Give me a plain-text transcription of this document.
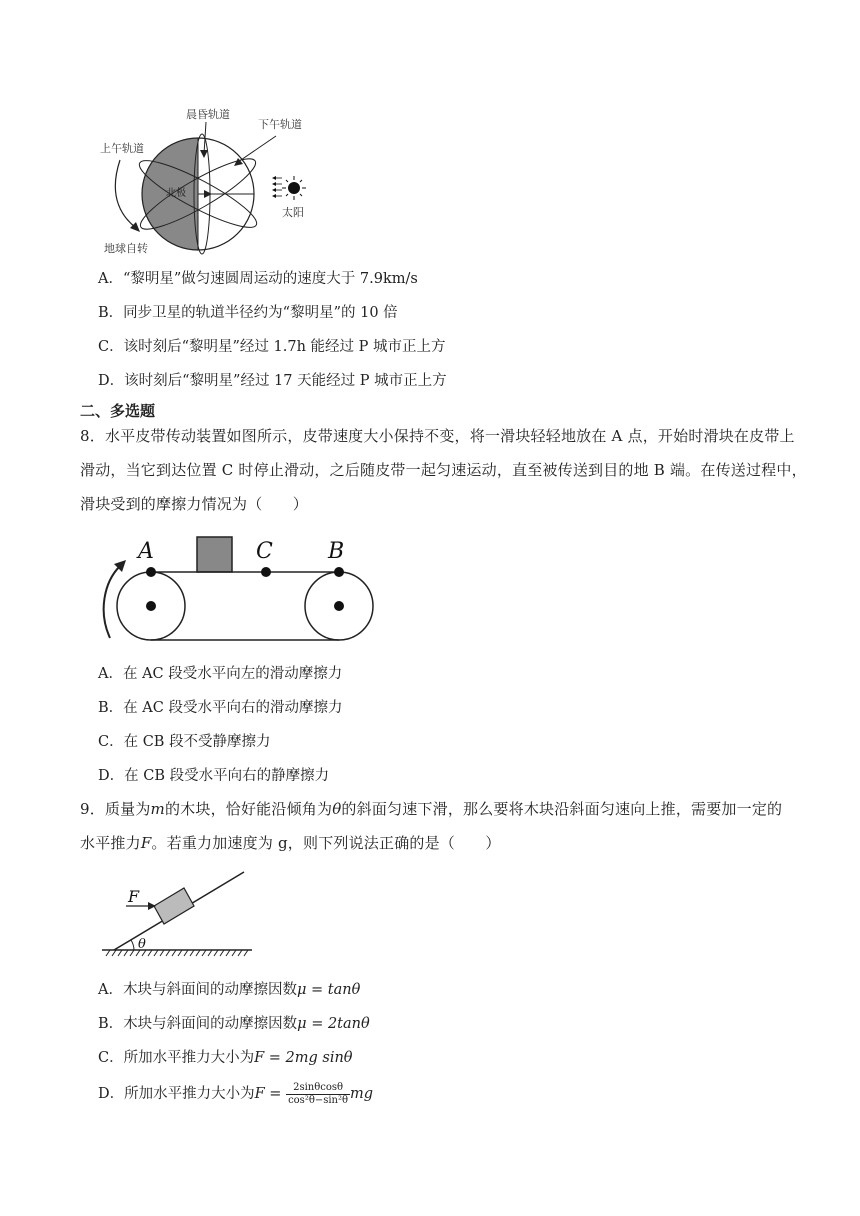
晨昏轨道
上午轨道
下午轨道
北极
太阳
地球自转
A．“黎明星”做匀速圆周运动的速度大于 7.9km/s
B．同步卫星的轨道半径约为“黎明星”的 10 倍
C．该时刻后“黎明星”经过 1.7h 能经过 P 城市正上方
D．该时刻后“黎明星”经过 17 天能经过 P 城市正上方
二、多选题
8．水平皮带传动装置如图所示，皮带速度大小保持不变，将一滑块轻轻地放在 A 点，开始时滑块在皮带上
滑动，当它到达位置 C 时停止滑动，之后随皮带一起匀速运动，直至被传送到目的地 B 端。在传送过程中，
滑块受到的摩擦力情况为（　　）
A	C	B
A．在 AC 段受水平向左的滑动摩擦力
B．在 AC 段受水平向右的滑动摩擦力
C．在 CB 段不受静摩擦力
D．在 CB 段受水平向右的静摩擦力
9．质量为m的木块，恰好能沿倾角为θ的斜面匀速下滑，那么要将木块沿斜面匀速向上推，需要加一定的
水平推力F。若重力加速度为 g，则下列说法正确的是（　　）
F
θ
A．木块与斜面间的动摩擦因数μ = tanθ
B．木块与斜面间的动摩擦因数μ = 2tanθ
C．所加水平推力大小为F = 2mg sinθ
D．所加水平推力大小为$F = \frac{2\sin\theta\cos\theta}{\text{cos²θ−sin²θ}}$ mg
